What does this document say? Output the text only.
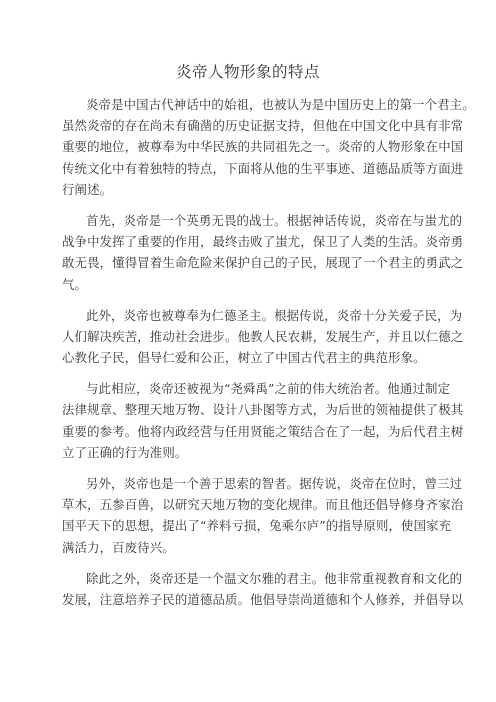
炎帝人物形象的特点

炎帝是中国古代神话中的始祖，也被认为是中国历史上的第一个君主。
虽然炎帝的存在尚未有确凿的历史证据支持，但他在中国文化中具有非常
重要的地位，被尊奉为中华民族的共同祖先之一。炎帝的人物形象在中国
传统文化中有着独特的特点，下面将从他的生平事迹、道德品质等方面进
行阐述。

首先，炎帝是一个英勇无畏的战士。根据神话传说，炎帝在与蚩尤的
战争中发挥了重要的作用，最终击败了蚩尤，保卫了人类的生活。炎帝勇
敢无畏，懂得冒着生命危险来保护自己的子民，展现了一个君主的勇武之
气。

此外，炎帝也被尊奉为仁德圣主。根据传说，炎帝十分关爱子民，为
人们解决疾苦，推动社会进步。他教人民农耕，发展生产，并且以仁德之
心教化子民，倡导仁爱和公正，树立了中国古代君主的典范形象。

与此相应，炎帝还被视为“尧舜禹”之前的伟大统治者。他通过制定
法律规章、整理天地万物、设计八卦图等方式，为后世的领袖提供了极其
重要的参考。他将内政经营与任用贤能之策结合在了一起，为后代君主树
立了正确的行为准则。

另外，炎帝也是一个善于思索的智者。据传说，炎帝在位时，曾三过
草木，五参百兽，以研究天地万物的变化规律。而且他还倡导修身齐家治
国平天下的思想，提出了“养料亏损，兔乘尔庐”的指导原则，使国家充
满活力，百废待兴。

除此之外，炎帝还是一个温文尔雅的君主。他非常重视教育和文化的
发展，注意培养子民的道德品质。他倡导崇尚道德和个人修养，并倡导以
